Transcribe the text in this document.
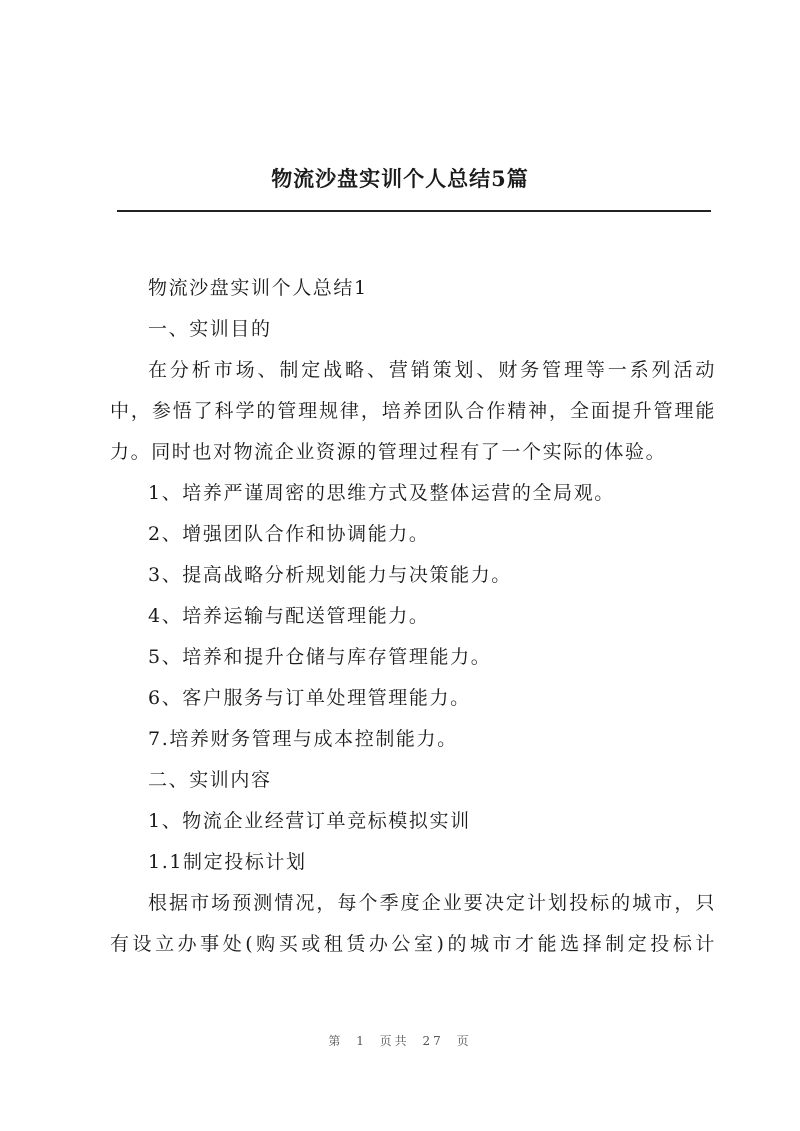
物流沙盘实训个人总结5篇

物流沙盘实训个人总结1

一、实训目的

在分析市场、制定战略、营销策划、财务管理等一系列活动中，参悟了科学的管理规律，培养团队合作精神，全面提升管理能力。同时也对物流企业资源的管理过程有了一个实际的体验。

1、培养严谨周密的思维方式及整体运营的全局观。

2、增强团队合作和协调能力。

3、提高战略分析规划能力与决策能力。

4、培养运输与配送管理能力。

5、培养和提升仓储与库存管理能力。

6、客户服务与订单处理管理能力。

7.培养财务管理与成本控制能力。

二、实训内容

1、物流企业经营订单竞标模拟实训

1.1制定投标计划

根据市场预测情况，每个季度企业要决定计划投标的城市，只有设立办事处(购买或租赁办公室)的城市才能选择制定投标计

第 1 页共 27 页
